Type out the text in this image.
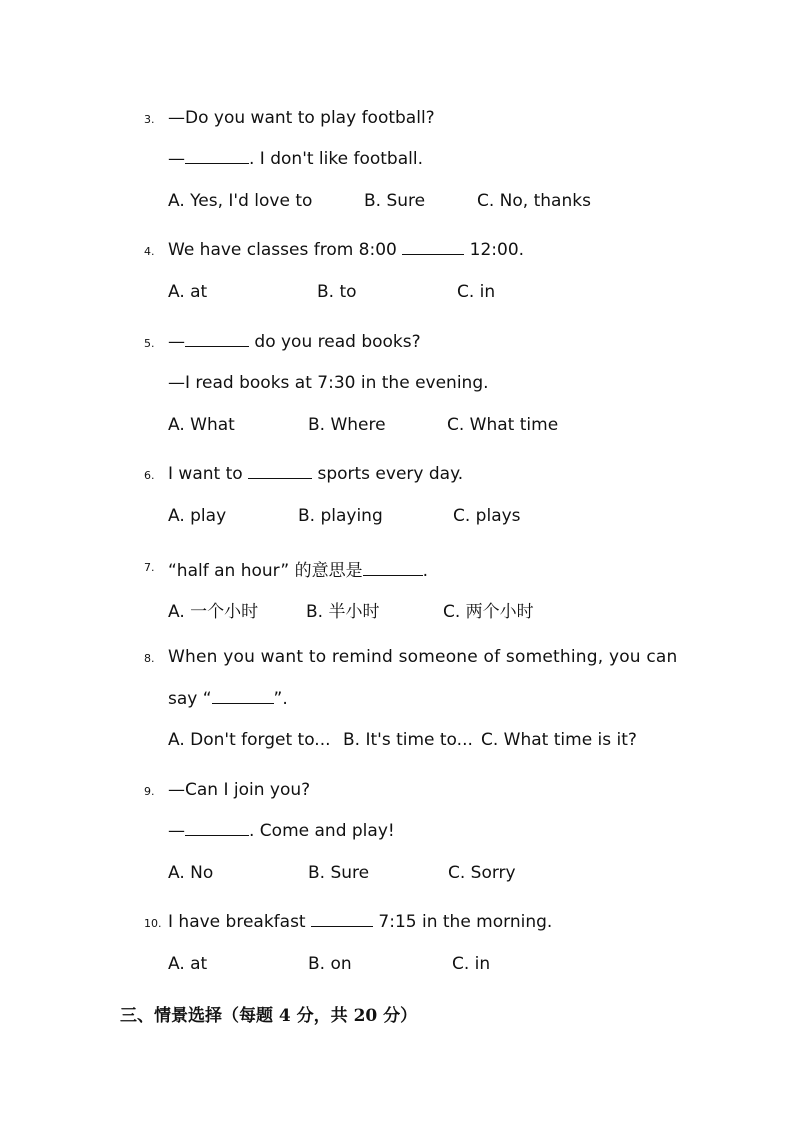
3. —Do you want to play football?
—	. I don't like football.
A. Yes, I'd love to	B. Sure	C. No, thanks
4. We have classes from 8:00	12:00.
A. at	B. to	C. in
5. —	do you read books?
—I read books at 7:30 in the evening.
A. What	B. Where	C. What time
6. I want to	sports every day.
A. play	B. playing	C. plays
7. “half an hour” 的意思是	.
A. 一个小时	B. 半小时	C. 两个小时
8. When you want to remind someone of something, you can
say “	”.
A. Don't forget to... B. It's time to... C. What time is it?
9. —Can I join you?
—	. Come and play!
A. No	B. Sure	C. Sorry
10. I have breakfast	7:15 in the morning.
A. at	B. on	C. in
三、情景选择（每题 4 分，共 20 分）
